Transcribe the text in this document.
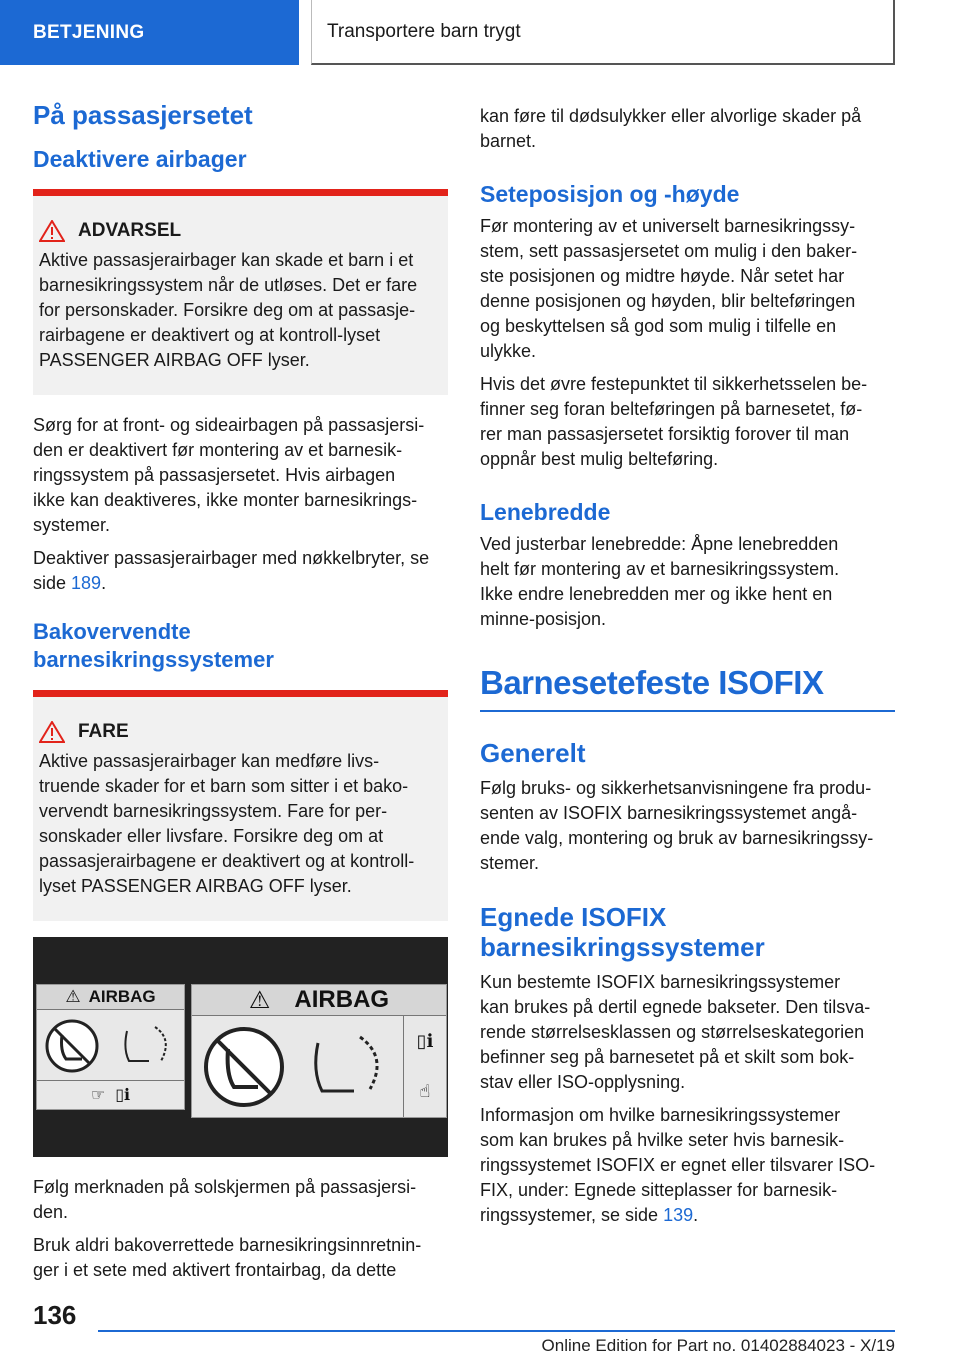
BETJENING	Transportere barn trygt
På passasjersetet
Deaktivere airbager
ADVARSEL

Aktive passasjerairbager kan skade et barn i et
barnesikringssystem når de utløses. Det er fare
for personskader. Forsikre deg om at passasje-
rairbagene er deaktivert og at kontroll-lyset
PASSENGER AIRBAG OFF lyser.

Sørg for at front- og sideairbagen på passasjersi-
den er deaktivert før montering av et barnesik-
ringssystem på passasjersetet. Hvis airbagen
ikke kan deaktiveres, ikke monter barnesikrings-
systemer.

Deaktiver passasjerairbager med nøkkelbryter, se
side 189.

Bakovervendte
barnesikringssystemer
FARE

Aktive passasjerairbager kan medføre livs-
truende skader for et barn som sitter i et bako-
vervendt barnesikringssystem. Fare for per-
sonskader eller livsfare. Forsikre deg om at
passasjerairbagene er deaktivert og at kontroll-
lyset PASSENGER AIRBAG OFF lyser.

⚠ AIRBAG
☞ ▯ℹ
⚠ AIRBAG
▯ℹ
☝

Følg merknaden på solskjermen på passasjersi-
den.

Bruk aldri bakoverrettede barnesikringsinnretnin-
ger i et sete med aktivert frontairbag, da dette

kan føre til dødsulykker eller alvorlige skader på
barnet.

Seteposisjon og -høyde

Før montering av et universelt barnesikringssy-
stem, sett passasjersetet om mulig i den baker-
ste posisjonen og midtre høyde. Når setet har
denne posisjonen og høyden, blir belteføringen
og beskyttelsen så god som mulig i tilfelle en
ulykke.

Hvis det øvre festepunktet til sikkerhetsselen be-
finner seg foran belteføringen på barnesetet, fø-
rer man passasjersetet forsiktig forover til man
oppnår best mulig belteføring.

Lenebredde

Ved justerbar lenebredde: Åpne lenebredden
helt før montering av et barnesikringssystem.
Ikke endre lenebredden mer og ikke hent en
minne-posisjon.

Barnesetefeste ISOFIX
Generelt

Følg bruks- og sikkerhetsanvisningene fra produ-
senten av ISOFIX barnesikringssystemet angå-
ende valg, montering og bruk av barnesikringssy-
stemer.

Egnede ISOFIX
barnesikringssystemer

Kun bestemte ISOFIX barnesikringssystemer
kan brukes på dertil egnede bakseter. Den tilsva-
rende størrelsesklassen og størrelseskategorien
befinner seg på barnesetet på et skilt som bok-
stav eller ISO-opplysning.

Informasjon om hvilke barnesikringssystemer
som kan brukes på hvilke seter hvis barnesik-
ringssystemet ISOFIX er egnet eller tilsvarer ISO-
FIX, under: Egnede sitteplasser for barnesik-
ringssystemer, se side 139.

136
Online Edition for Part no. 01402884023 - X/19
